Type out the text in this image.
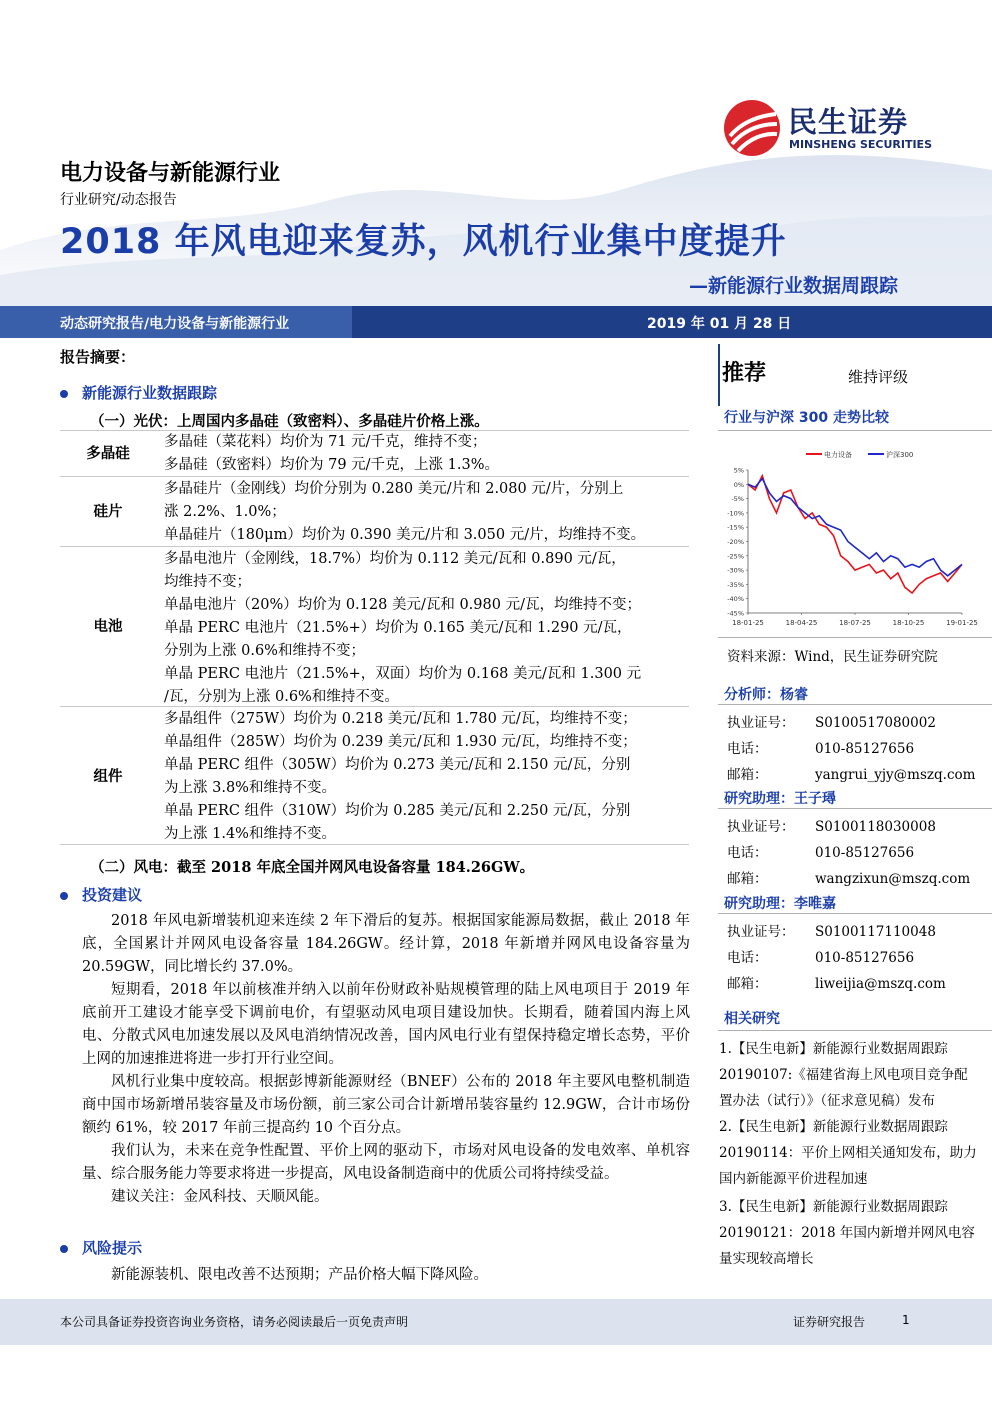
民生证券
MINSHENG SECURITIES
电力设备与新能源行业
行业研究/动态报告
2018 年风电迎来复苏，风机行业集中度提升
—新能源行业数据周跟踪
动态研究报告/电力设备与新能源行业	2019 年 01 月 28 日
报告摘要：
新能源行业数据跟踪
（一）光伏：上周国内多晶硅（致密料）、多晶硅片价格上涨。
多晶硅
多晶硅（菜花料）均价为 71 元/千克，维持不变；
多晶硅（致密料）均价为 79 元/千克，上涨 1.3%。
硅片
多晶硅片（金刚线）均价分别为 0.280 美元/片和 2.080 元/片，分别上
涨 2.2%、1.0%；
单晶硅片（180μm）均价为 0.390 美元/片和 3.050 元/片，均维持不变。
电池
多晶电池片（金刚线，18.7%）均价为 0.112 美元/瓦和 0.890 元/瓦，
均维持不变；
单晶电池片（20%）均价为 0.128 美元/瓦和 0.980 元/瓦，均维持不变；
单晶 PERC 电池片（21.5%+）均价为 0.165 美元/瓦和 1.290 元/瓦，
分别为上涨 0.6%和维持不变；
单晶 PERC 电池片（21.5%+，双面）均价为 0.168 美元/瓦和 1.300 元
/瓦，分别为上涨 0.6%和维持不变。
组件
多晶组件（275W）均价为 0.218 美元/瓦和 1.780 元/瓦，均维持不变；
单晶组件（285W）均价为 0.239 美元/瓦和 1.930 元/瓦，均维持不变；
单晶 PERC 组件（305W）均价为 0.273 美元/瓦和 2.150 元/瓦，分别
为上涨 3.8%和维持不变。
单晶 PERC 组件（310W）均价为 0.285 美元/瓦和 2.250 元/瓦，分别
为上涨 1.4%和维持不变。
（二）风电：截至 2018 年底全国并网风电设备容量 184.26GW。
投资建议

2018 年风电新增装机迎来连续 2 年下滑后的复苏。根据国家能源局数据，截止 2018 年底，全国累计并网风电设备容量 184.26GW。经计算，2018 年新增并网风电设备容量为 20.59GW，同比增长约 37.0%。

短期看，2018 年以前核准并纳入以前年份财政补贴规模管理的陆上风电项目于 2019 年底前开工建设才能享受下调前电价，有望驱动风电项目建设加快。长期看，随着国内海上风电、分散式风电加速发展以及风电消纳情况改善，国内风电行业有望保持稳定增长态势，平价上网的加速推进将进一步打开行业空间。

风机行业集中度较高。根据彭博新能源财经（BNEF）公布的 2018 年主要风电整机制造商中国市场新增吊装容量及市场份额，前三家公司合计新增吊装容量约 12.9GW，合计市场份额约 61%，较 2017 年前三提高约 10 个百分点。

我们认为，未来在竞争性配置、平价上网的驱动下，市场对风电设备的发电效率、单机容量、综合服务能力等要求将进一步提高，风电设备制造商中的优质公司将持续受益。

建议关注：金风科技、天顺风能。

风险提示

新能源装机、限电改善不达预期；产品价格大幅下降风险。

推荐	维持评级
行业与沪深 300 走势比较
5%
0%
-5%
-10%
-15%
-20%
-25%
-30%
-35%
-40%
-45%
18-01-25	18-04-25	18-07-25	18-10-25	19-01-25
电力设备	沪深300
资料来源：Wind，民生证券研究院
分析师：杨睿
执业证号： S0100517080002
电话：	010-85127656
邮箱：	yangrui_yjy@mszq.com
研究助理：王子璕
执业证号： S0100118030008
电话：	010-85127656
邮箱：	wangzixun@mszq.com
研究助理：李唯嘉
执业证号： S0100117110048
电话：	010-85127656
邮箱：	liweijia@mszq.com
相关研究
1.【民生电新】新能源行业数据周跟踪 20190107:《福建省海上风电项目竞争配置办法（试行）》（征求意见稿）发布
2.【民生电新】新能源行业数据周跟踪 20190114：平价上网相关通知发布，助力国内新能源平价进程加速
3.【民生电新】新能源行业数据周跟踪 20190121：2018 年国内新增并网风电容量实现较高增长
本公司具备证券投资咨询业务资格，请务必阅读最后一页免责声明	证券研究报告	1
